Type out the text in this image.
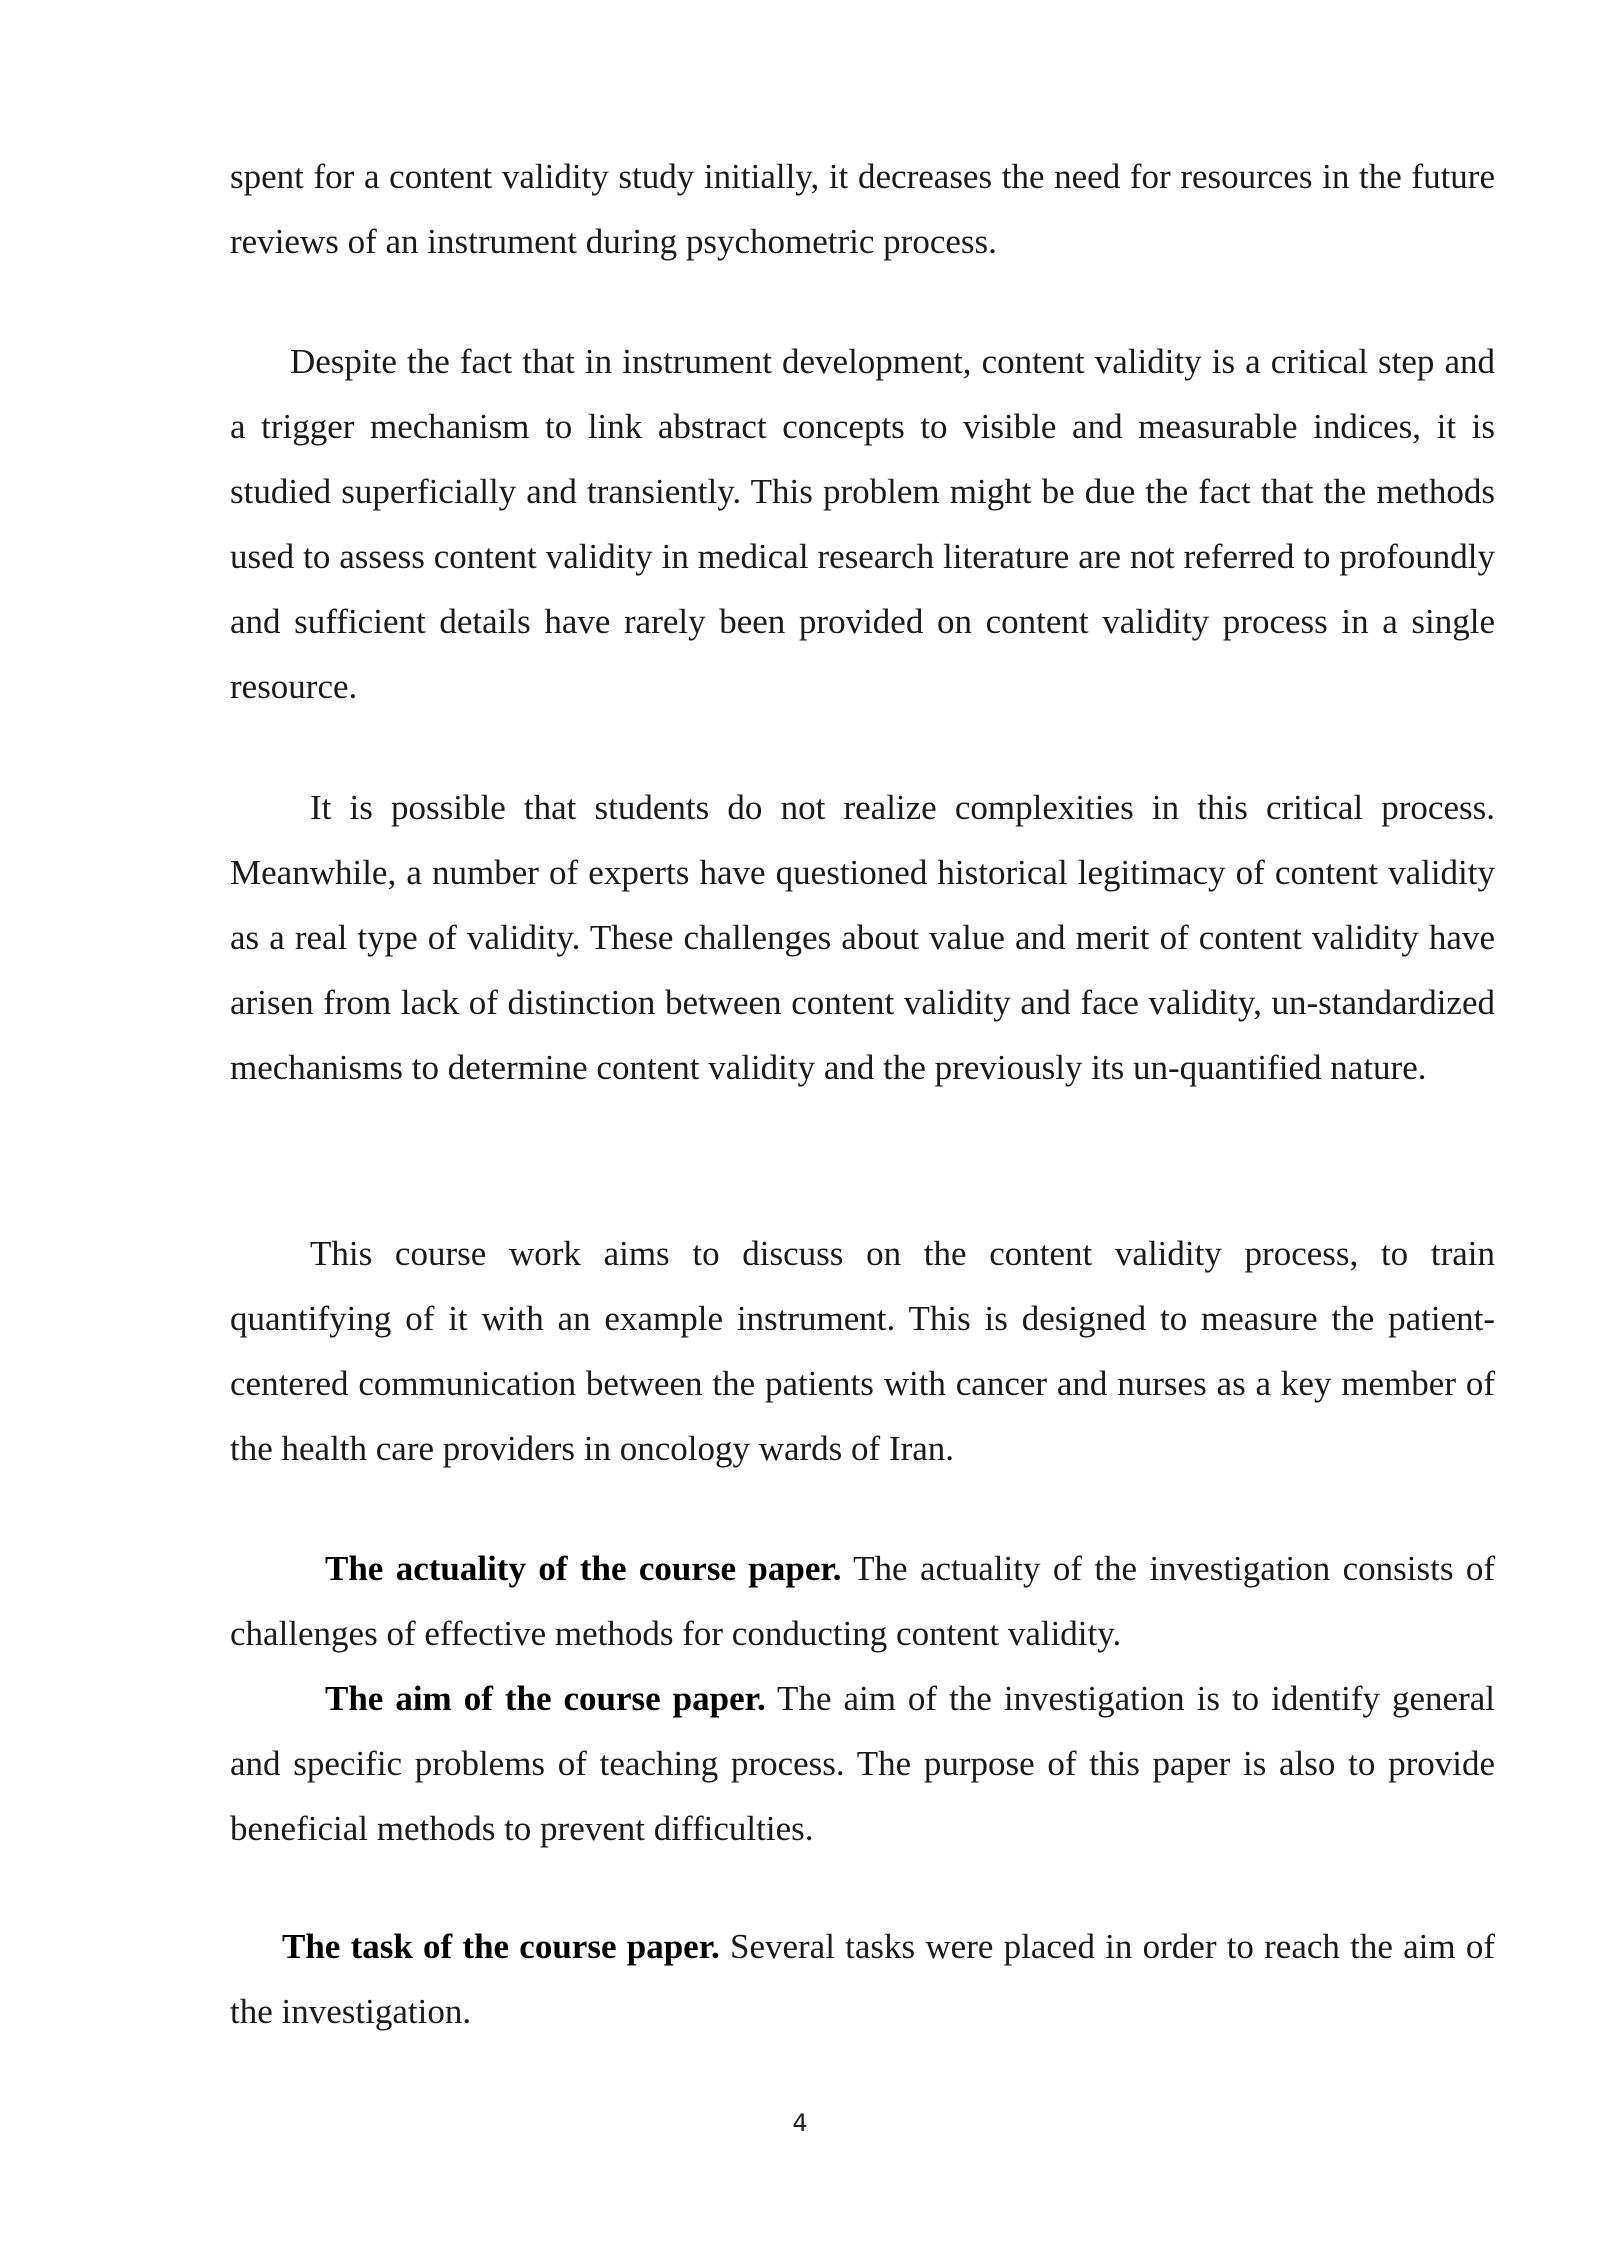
spent for a content validity study initially, it decreases the need for resources in the future reviews of an instrument during psychometric process.

Despite the fact that in instrument development, content validity is a critical step and a trigger mechanism to link abstract concepts to visible and measurable indices, it is studied superficially and transiently. This problem might be due the fact that the methods used to assess content validity in medical research literature are not referred to profoundly and sufficient details have rarely been provided on content validity process in a single resource.

It is possible that students do not realize complexities in this critical process. Meanwhile, a number of experts have questioned historical legitimacy of content validity as a real type of validity. These challenges about value and merit of content validity have arisen from lack of distinction between content validity and face validity, un-standardized mechanisms to determine content validity and the previously its un-quantified nature.

This course work aims to discuss on the content validity process, to train quantifying of it with an example instrument. This is designed to measure the patient-centered communication between the patients with cancer and nurses as a key member of the health care providers in oncology wards of Iran.

The actuality of the course paper. The actuality of the investigation consists of challenges of effective methods for conducting content validity.

The aim of the course paper. The aim of the investigation is to identify general and specific problems of teaching process. The purpose of this paper is also to provide beneficial methods to prevent difficulties.

The task of the course paper. Several tasks were placed in order to reach the aim of the investigation.

4
